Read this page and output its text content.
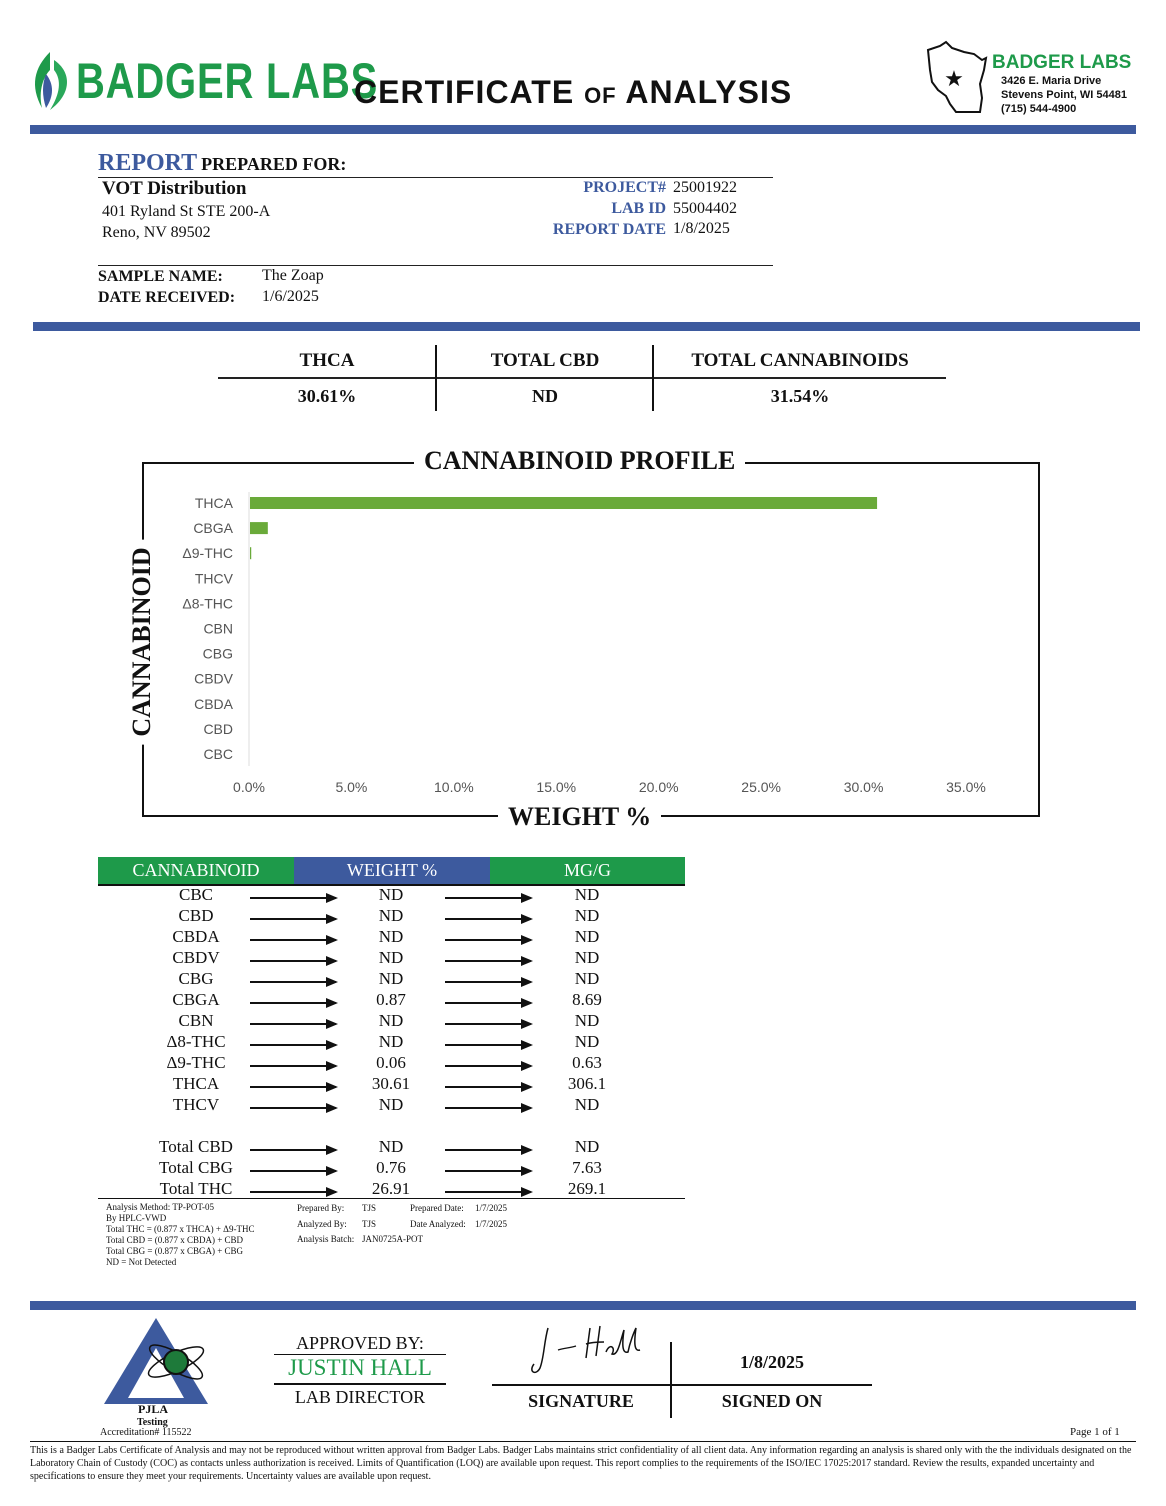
BADGER LABS
CERTIFICATE OF ANALYSIS	★
BADGER LABS
3426 E. Maria Drive
Stevens Point, WI 54481
(715) 544-4900
REPORT PREPARED FOR:
VOT Distribution
401 Ryland St STE 200-A
Reno, NV 89502
PROJECT# 25001922
LAB ID 55004402
REPORT DATE 1/8/2025
SAMPLE NAME: The Zoap
DATE RECEIVED: 1/6/2025
THCA	TOTAL CBD	TOTAL CANNABINOIDS
30.61%	ND	31.54%
THCA
CBGA
Δ9-THC
THCV
Δ8-THC
CBN
CBG
CBDV
CBDA
CBD
CBC
0.0%	5.0%	10.0%	15.0%	20.0%	25.0%	30.0%	35.0%
CANNABINOID PROFILE
WEIGHT %
CANNABINOID
CANNABINOID	WEIGHT %	MG/G
CBC	ND	ND
CBD	ND	ND
CBDA	ND	ND
CBDV	ND	ND
CBG	ND	ND
CBGA	0.87	8.69
CBN	ND	ND
Δ8-THC	ND	ND
Δ9-THC	0.06	0.63
THCA	30.61	306.1
THCV	ND	ND
Total CBD	ND	ND
Total CBG	0.76	7.63
Total THC	26.91	269.1
Analysis Method: TP-POT-05
By HPLC-VWD
Total THC = (0.877 x THCA) + Δ9-THC
Total CBD = (0.877 x CBDA) + CBD
Total CBG = (0.877 x CBGA) + CBG
ND = Not Detected
Prepared By: TJS
Analyzed By: TJS
Analysis Batch: JAN0725A-POT
Prepared Date: 1/7/2025
Date Analyzed: 1/7/2025
PJLA
Testing
Accreditation# 115522
APPROVED BY:
JUSTIN HALL
LAB DIRECTOR
1/8/2025
SIGNATURE	SIGNED ON
Page 1 of 1
This is a Badger Labs Certificate of Analysis and may not be reproduced without written approval from Badger Labs. Badger Labs maintains strict confidentiality of all client data. Any information regarding an analysis is shared only with the the individuals designated on the Laboratory Chain of Custody (COC) as contacts unless authorization is received. Limits of Quantification (LOQ) are available upon request. This report complies to the requirements of the ISO/IEC 17025:2017 standard. Review the results, expanded uncertainty and specifications to ensure they meet your requirements. Uncertainty values are available upon request.
